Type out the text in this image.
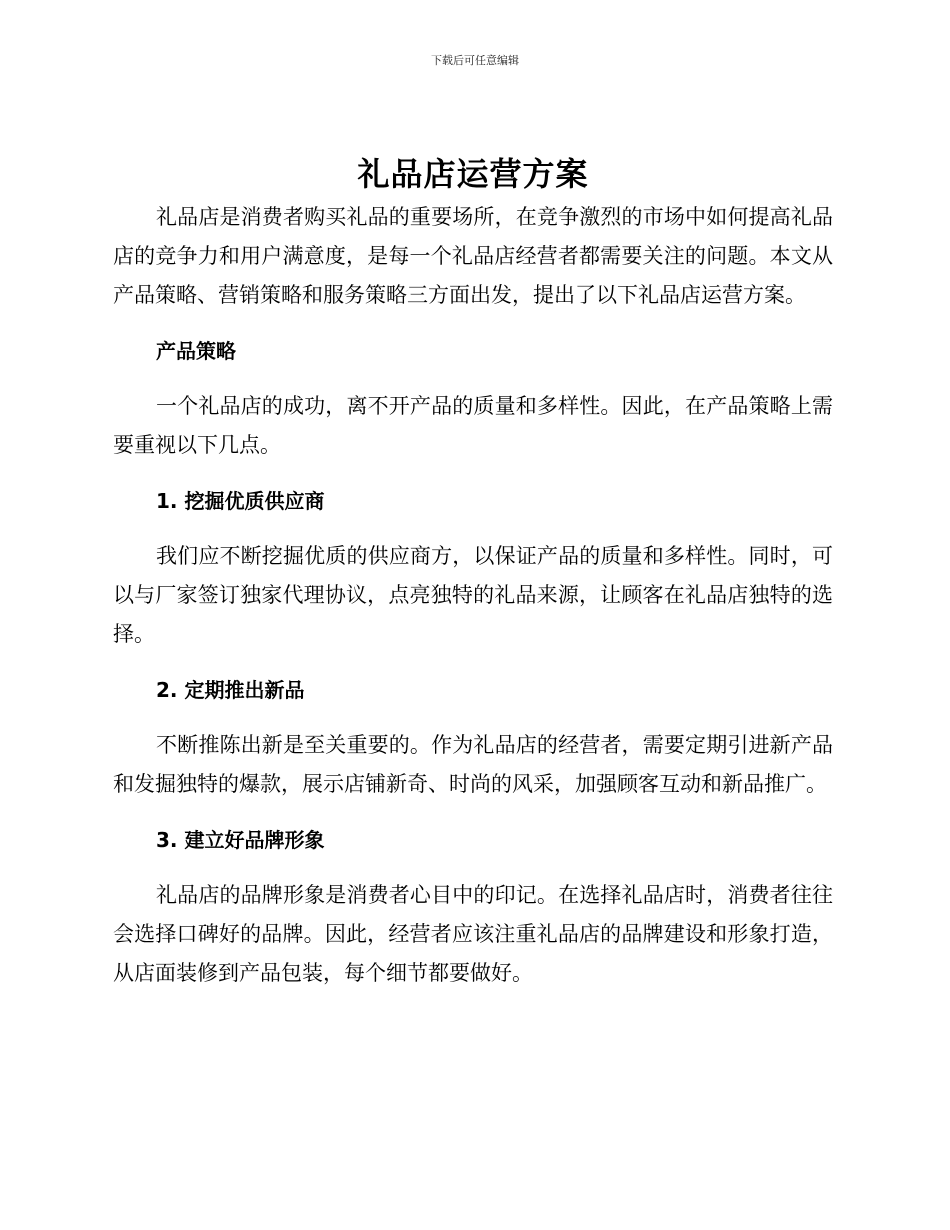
下载后可任意编辑
礼品店运营方案

礼品店是消费者购买礼品的重要场所，在竞争激烈的市场中如何提高礼品店的竞争力和用户满意度，是每一个礼品店经营者都需要关注的问题。本文从产品策略、营销策略和服务策略三方面出发，提出了以下礼品店运营方案。

产品策略

一个礼品店的成功，离不开产品的质量和多样性。因此，在产品策略上需要重视以下几点。

1. 挖掘优质供应商

我们应不断挖掘优质的供应商方，以保证产品的质量和多样性。同时，可以与厂家签订独家代理协议，点亮独特的礼品来源，让顾客在礼品店独特的选择。

2. 定期推出新品

不断推陈出新是至关重要的。作为礼品店的经营者，需要定期引进新产品和发掘独特的爆款，展示店铺新奇、时尚的风采，加强顾客互动和新品推广。

3. 建立好品牌形象

礼品店的品牌形象是消费者心目中的印记。在选择礼品店时，消费者往往会选择口碑好的品牌。因此，经营者应该注重礼品店的品牌建设和形象打造，从店面装修到产品包装，每个细节都要做好。
